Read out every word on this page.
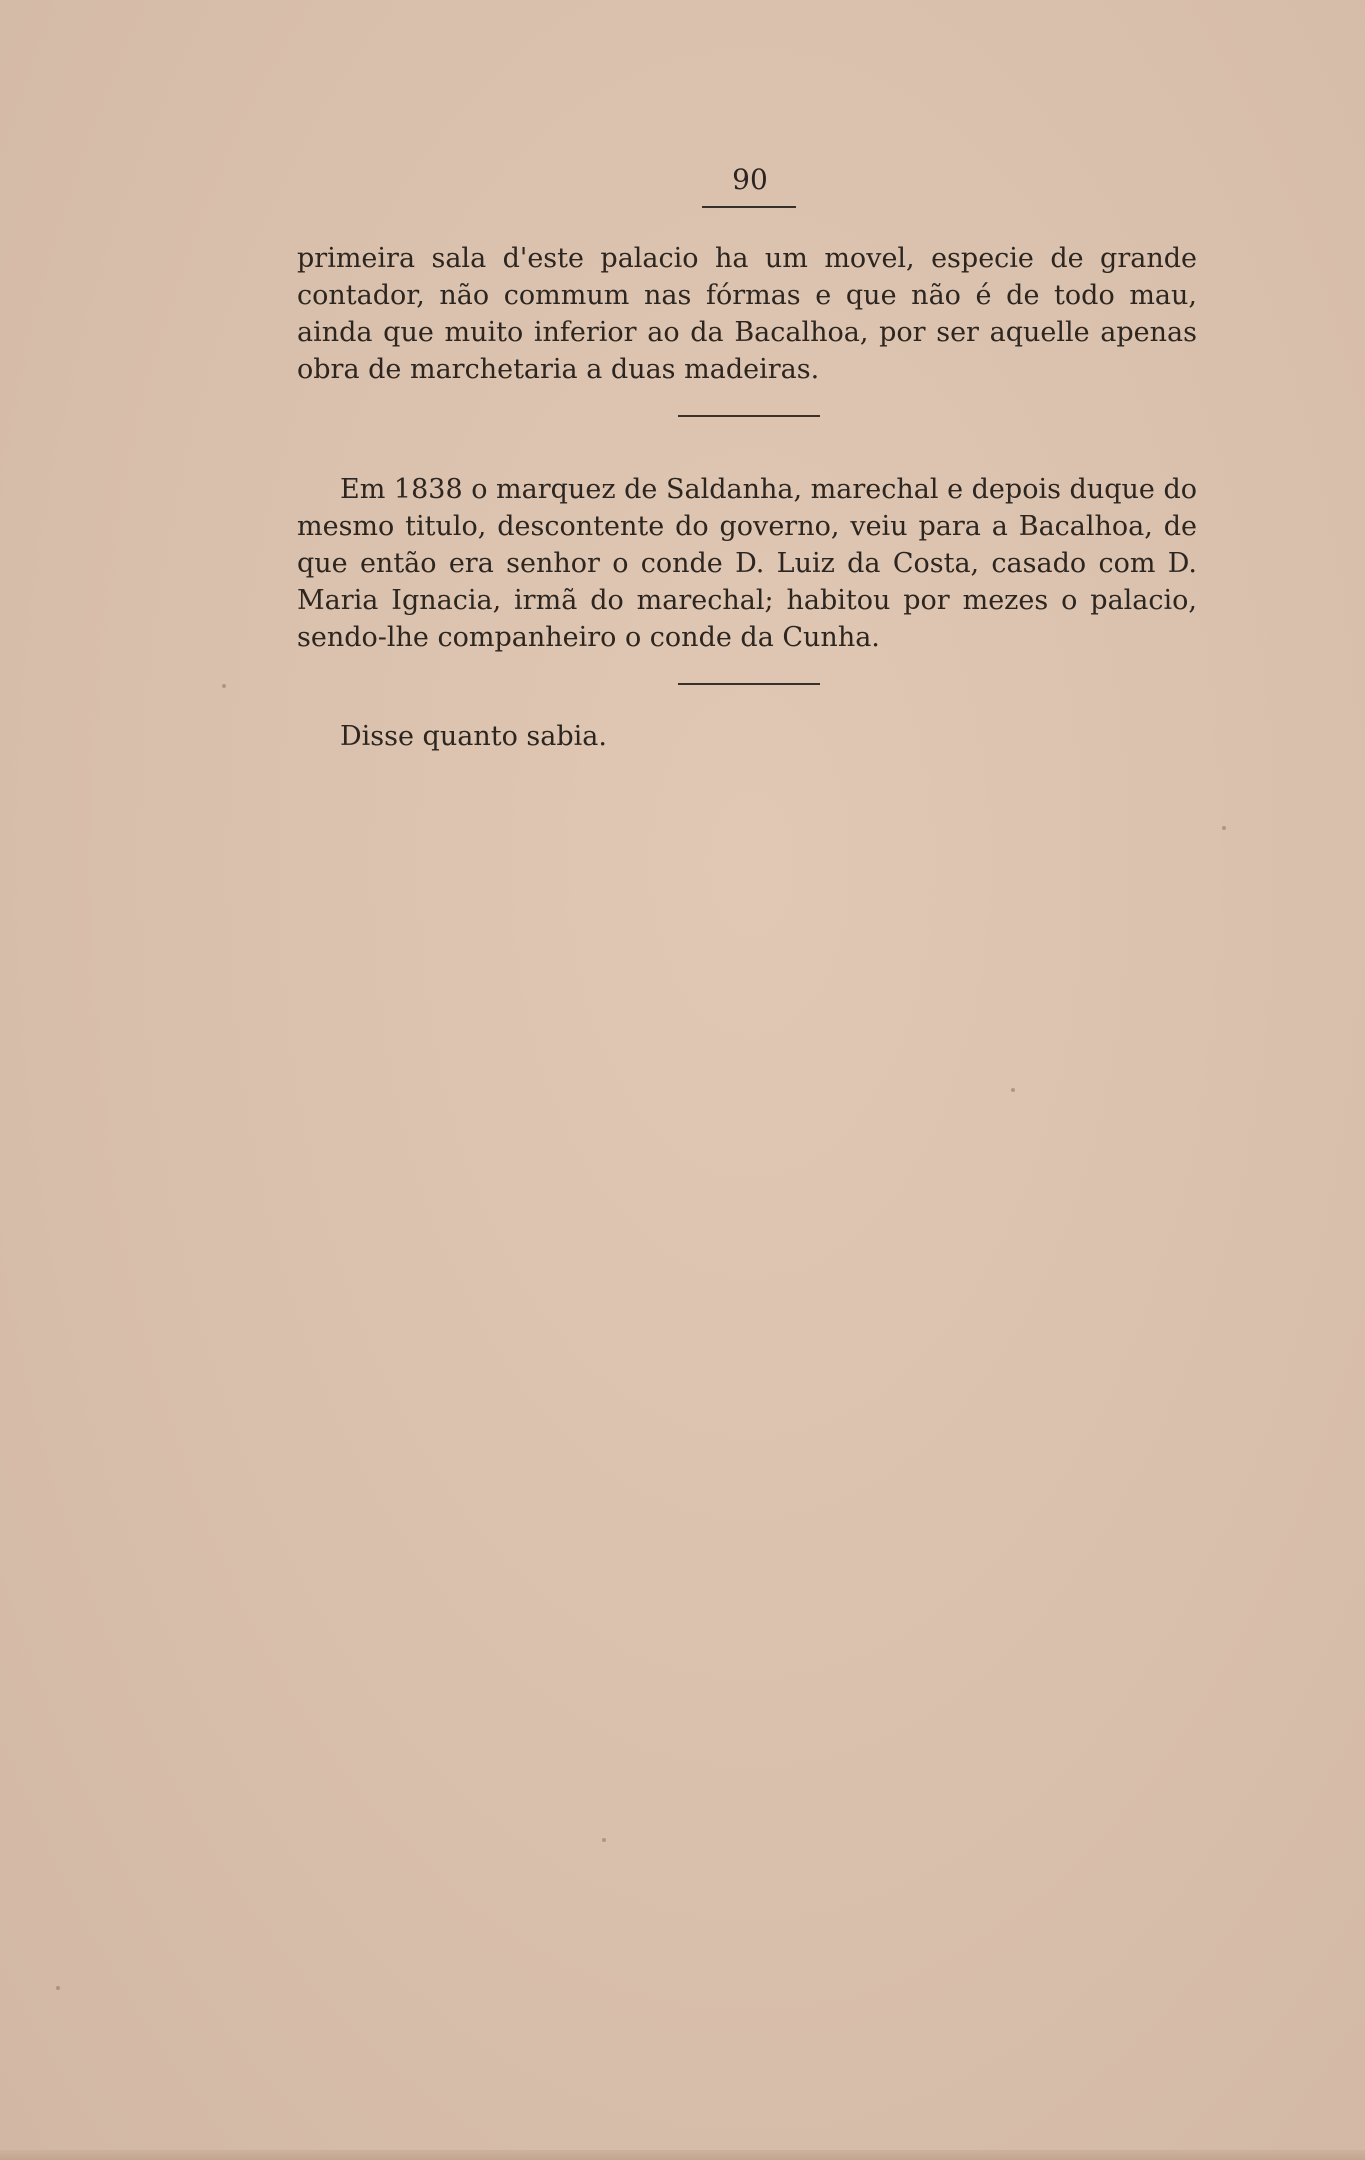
90

primeira sala d'este palacio ha um movel, especie de grande contador, não commum nas fórmas e que não é de todo mau, ainda que muito inferior ao da Bacalhoa, por ser aquelle apenas obra de marchetaria a duas madeiras.

Em 1838 o marquez de Saldanha, marechal e depois duque do mesmo titulo, descontente do governo, veiu para a Bacalhoa, de que então era senhor o conde D. Luiz da Costa, casado com D. Maria Ignacia, irmã do marechal; habitou por mezes o palacio, sendo-lhe companheiro o conde da Cunha.

Disse quanto sabia.
